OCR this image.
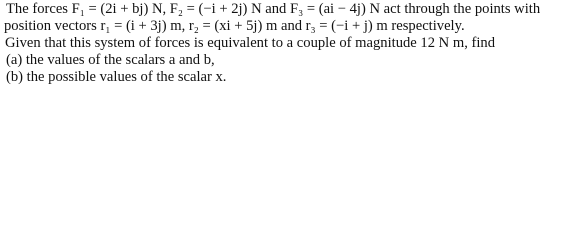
The forces F₁ = (2i + bj) N, F₂ = (−i + 2j) N and F₃ = (ai − 4j) N act through the points with

position vectors r₁ = (i + 3j) m, r₂ = (xi + 5j) m and r₃ = (−i + j) m respectively.

Given that this system of forces is equivalent to a couple of magnitude 12 N m, find

(a) the values of the scalars a and b,

(b) the possible values of the scalar x.
